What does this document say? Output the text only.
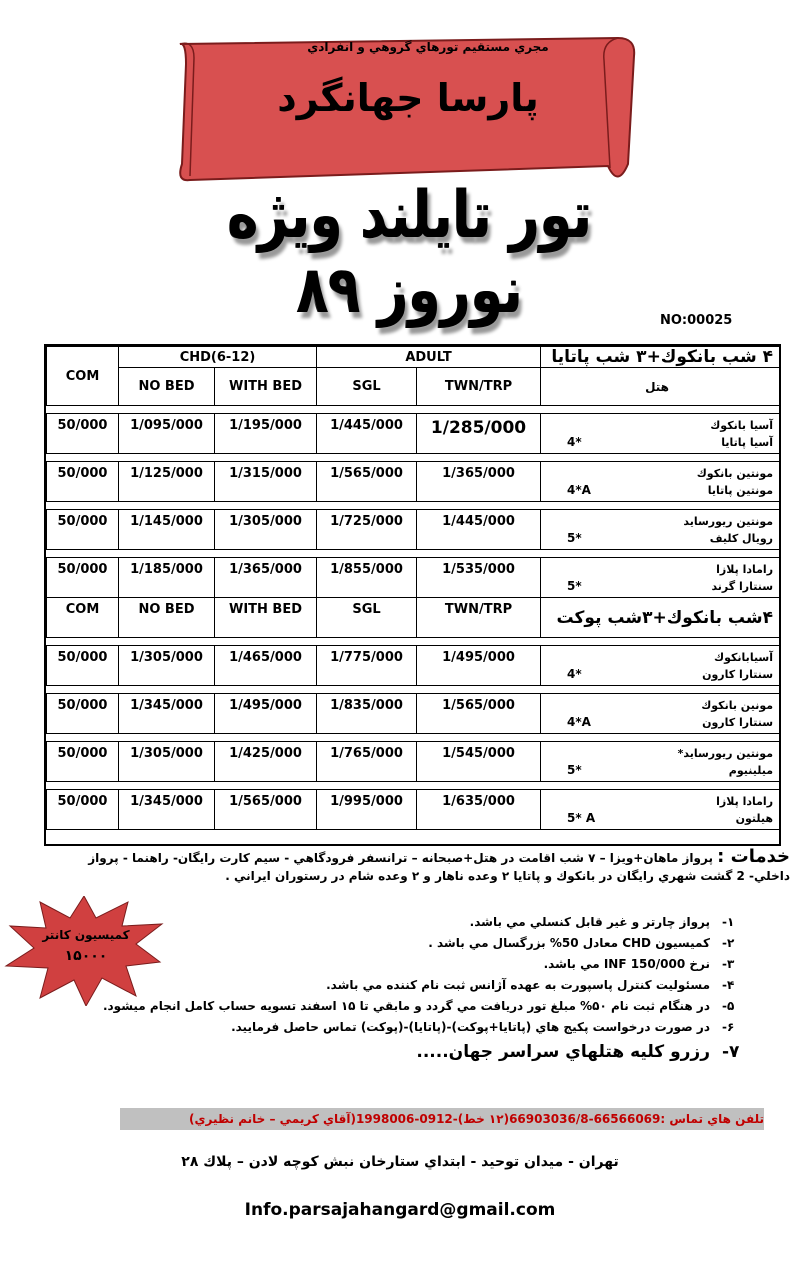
مجري مستقيم تورهاي گروهي و انفرادي
پارسا جهانگرد
تور تايلند ويژه نوروز ۸۹	NO:00025
COM	CHD(6-12)		ADULT		۴ شب بانكوك+۳ شب پاتايا
	NO BED	WITH BED	SGL	TWN/TRP	هتل

50/000	1/095/000	1/195/000	1/445/000	1/285/000	آسيا بانكوك
آسيا پاتايا
4*

50/000	1/125/000	1/315/000	1/565/000	1/365/000	مونتين بانكوك
مونتين پاتايا
4*A

50/000	1/145/000	1/305/000	1/725/000	1/445/000	مونتين ريورسايد
رويال كليف
5*

50/000	1/185/000	1/365/000	1/855/000	1/535/000	رامادا پلازا
سنتارا گرند
5*

COM	NO BED	WITH BED	SGL	TWN/TRP	۴شب بانكوك+۳شب پوكت

50/000	1/305/000	1/465/000	1/775/000	1/495/000	آسيابانكوك
سنتارا كارون
4*

50/000	1/345/000	1/495/000	1/835/000	1/565/000	مونين بانكوك
سنتارا كارون
4*A

50/000	1/305/000	1/425/000	1/765/000	1/545/000	مونتين ريورسايد*
ميلينيوم
5*

50/000	1/345/000	1/565/000	1/995/000	1/635/000	رامادا پلازا
هيلتون
5* A
خدمات : پرواز ماهان+ويزا – ۷ شب اقامت در هتل+صبحانه – ترانسفر فرودگاهي - سيم كارت رايگان- راهنما - پرواز
داخلي- 2 گشت شهري رايگان در بانكوك و پاتايا ۲ وعده ناهار و ۲ وعده شام در رستوران ايراني .
كميسيون كانتر
۱۵۰۰۰
-۱
پرواز چارتر و غير قابل كنسلي مي باشد.
-۲
كميسيون CHD معادل 50% بزرگسال مي باشد .
-۳
نرخ INF 150/000 مي باشد.
-۴
مسئوليت كنترل پاسپورت به عهده آژانس ثبت نام كننده مي باشد.
-۵
در هنگام ثبت نام ۵۰% مبلغ تور دريافت مي گردد و مابقي تا ۱۵ اسفند تسويه حساب كامل انجام ميشود.
-۶
در صورت درخواست پكيج هاي (پاتايا+پوكت)-(پاتايا)-(پوكت) تماس حاصل فرماييد.
-۷
رزرو كليه هتلهاي سراسر جهان.....
تلفن هاي تماس :66566069-66903036/8(۱۲ خط)-0912-1998006(آقاي كريمي – خانم نظيري)
تهران - ميدان توحيد - ابتداي ستارخان نبش كوچه لادن – پلاك ۲۸
Info.parsajahangard@gmail.com
